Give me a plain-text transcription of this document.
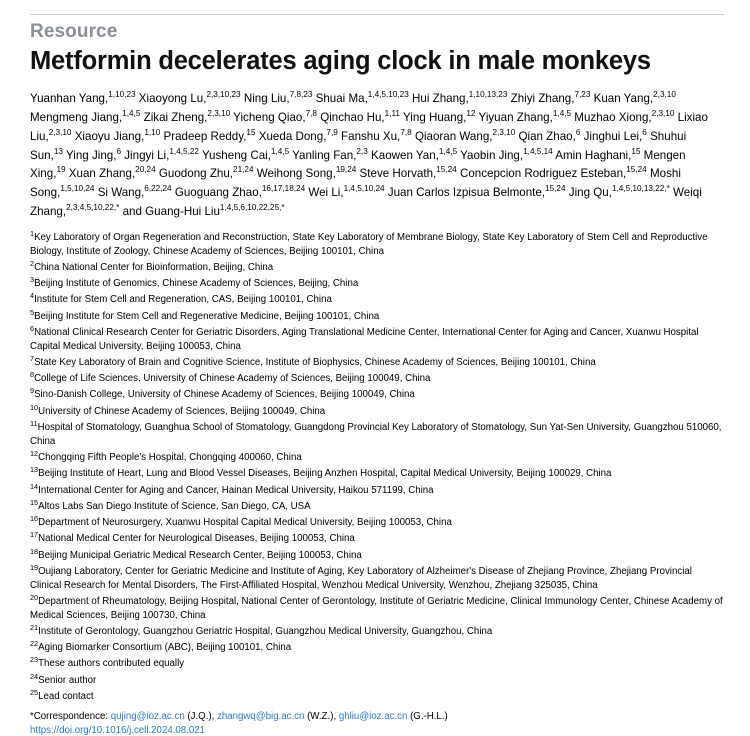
Resource
Metformin decelerates aging clock in male monkeys
Yuanhan Yang,$^{1,10,23}$ Xiaoyong Lu,$^{2,3,10,23}$ Ning Liu,$^{7,8,23}$ Shuai Ma,$^{1,4,5,10,23}$ Hui Zhang,$^{1,10,13,23}$ Zhiyi Zhang,$^{7,23}$ Kuan Yang,$^{2,3,10}$ Mengmeng Jiang,$^{1,4,5}$ Zikai Zheng,$^{2,3,10}$ Yicheng Qiao,$^{7,8}$ Qinchao Hu,$^{1,11}$ Ying Huang,$^{12}$ Yiyuan Zhang,$^{1,4,5}$ Muzhao Xiong,$^{2,3,10}$ Lixiao Liu,$^{2,3,10}$ Xiaoyu Jiang,$^{1,10}$ Pradeep Reddy,$^{15}$ Xueda Dong,$^{7,9}$ Fanshu Xu,$^{7,8}$ Qiaoran Wang,$^{2,3,10}$ Qian Zhao,$^6$ Jinghui Lei,$^6$ Shuhui Sun,$^{13}$ Ying Jing,$^6$ Jingyi Li,$^{1,4,5,22}$ Yusheng Cai,$^{1,4,5}$ Yanling Fan,$^{2,3}$ Kaowen Yan,$^{1,4,5}$ Yaobin Jing,$^{1,4,5,14}$ Amin Haghani,$^{15}$ Mengen Xing,$^{19}$ Xuan Zhang,$^{20,24}$ Guodong Zhu,$^{21,24}$ Weihong Song,$^{19,24}$ Steve Horvath,$^{15,24}$ Concepcion Rodriguez Esteban,$^{15,24}$ Moshi Song,$^{1,5,10,24}$ Si Wang,$^{6,22,24}$ Guoguang Zhao,$^{16,17,18,24}$ Wei Li,$^{1,4,5,10,24}$ Juan Carlos Izpisua Belmonte,$^{15,24}$ Jing Qu,$^{1,4,5,10,13,22,*}$ Weiqi Zhang,$^{2,3,4,5,10,22,*}$ and Guang-Hui Liu$^{1,4,5,6,10,22,25,*}$
$^1$Key Laboratory of Organ Regeneration and Reconstruction, State Key Laboratory of Membrane Biology, State Key Laboratory of Stem Cell and Reproductive Biology, Institute of Zoology, Chinese Academy of Sciences, Beijing 100101, China
$^2$China National Center for Bioinformation, Beijing, China
$^3$Beijing Institute of Genomics, Chinese Academy of Sciences, Beijing, China
$^4$Institute for Stem Cell and Regeneration, CAS, Beijing 100101, China
$^5$Beijing Institute for Stem Cell and Regenerative Medicine, Beijing 100101, China
$^6$National Clinical Research Center for Geriatric Disorders, Aging Translational Medicine Center, International Center for Aging and Cancer, Xuanwu Hospital Capital Medical University, Beijing 100053, China
$^7$State Key Laboratory of Brain and Cognitive Science, Institute of Biophysics, Chinese Academy of Sciences, Beijing 100101, China
$^8$College of Life Sciences, University of Chinese Academy of Sciences, Beijing 100049, China
$^9$Sino-Danish College, University of Chinese Academy of Sciences, Beijing 100049, China
$^{10}$University of Chinese Academy of Sciences, Beijing 100049, China
$^{11}$Hospital of Stomatology, Guanghua School of Stomatology, Guangdong Provincial Key Laboratory of Stomatology, Sun Yat-Sen University, Guangzhou 510060, China
$^{12}$Chongqing Fifth People's Hospital, Chongqing 400060, China
$^{13}$Beijing Institute of Heart, Lung and Blood Vessel Diseases, Beijing Anzhen Hospital, Capital Medical University, Beijing 100029, China
$^{14}$International Center for Aging and Cancer, Hainan Medical University, Haikou 571199, China
$^{15}$Altos Labs San Diego Institute of Science, San Diego, CA, USA
$^{16}$Department of Neurosurgery, Xuanwu Hospital Capital Medical University, Beijing 100053, China
$^{17}$National Medical Center for Neurological Diseases, Beijing 100053, China
$^{18}$Beijing Municipal Geriatric Medical Research Center, Beijing 100053, China
$^{19}$Oujiang Laboratory, Center for Geriatric Medicine and Institute of Aging, Key Laboratory of Alzheimer's Disease of Zhejiang Province, Zhejiang Provincial Clinical Research for Mental Disorders, The First-Affiliated Hospital, Wenzhou Medical University, Wenzhou, Zhejiang 325035, China
$^{20}$Department of Rheumatology, Beijing Hospital, National Center of Gerontology, Institute of Geriatric Medicine, Clinical Immunology Center, Chinese Academy of Medical Sciences, Beijing 100730, China
$^{21}$Institute of Gerontology, Guangzhou Geriatric Hospital, Guangzhou Medical University, Guangzhou, China
$^{22}$Aging Biomarker Consortium (ABC), Beijing 100101, China
$^{23}$These authors contributed equally
$^{24}$Senior author
$^{25}$Lead contact
*Correspondence: qujing@ioz.ac.cn (J.Q.), zhangwq@big.ac.cn (W.Z.), ghliu@ioz.ac.cn (G.-H.L.)
https://doi.org/10.1016/j.cell.2024.08.021
